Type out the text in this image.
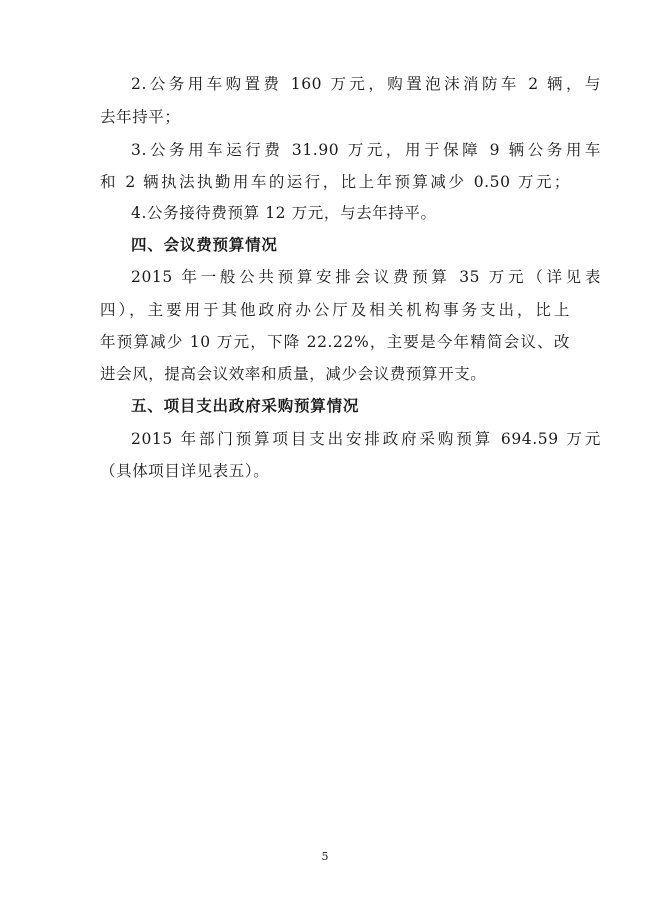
2.公务用车购置费 160 万元，购置泡沫消防车 2 辆，与
去年持平；
3.公务用车运行费 31.90 万元，用于保障 9 辆公务用车
和 2 辆执法执勤用车的运行，比上年预算减少 0.50 万元；
4.公务接待费预算 12 万元，与去年持平。
四、会议费预算情况
2015 年一般公共预算安排会议费预算 35 万元（详见表
四），主要用于其他政府办公厅及相关机构事务支出，比上
年预算减少 10 万元，下降 22.22%，主要是今年精简会议、改
进会风，提高会议效率和质量，减少会议费预算开支。
五、项目支出政府采购预算情况
2015 年部门预算项目支出安排政府采购预算 694.59 万元
（具体项目详见表五）。
5
